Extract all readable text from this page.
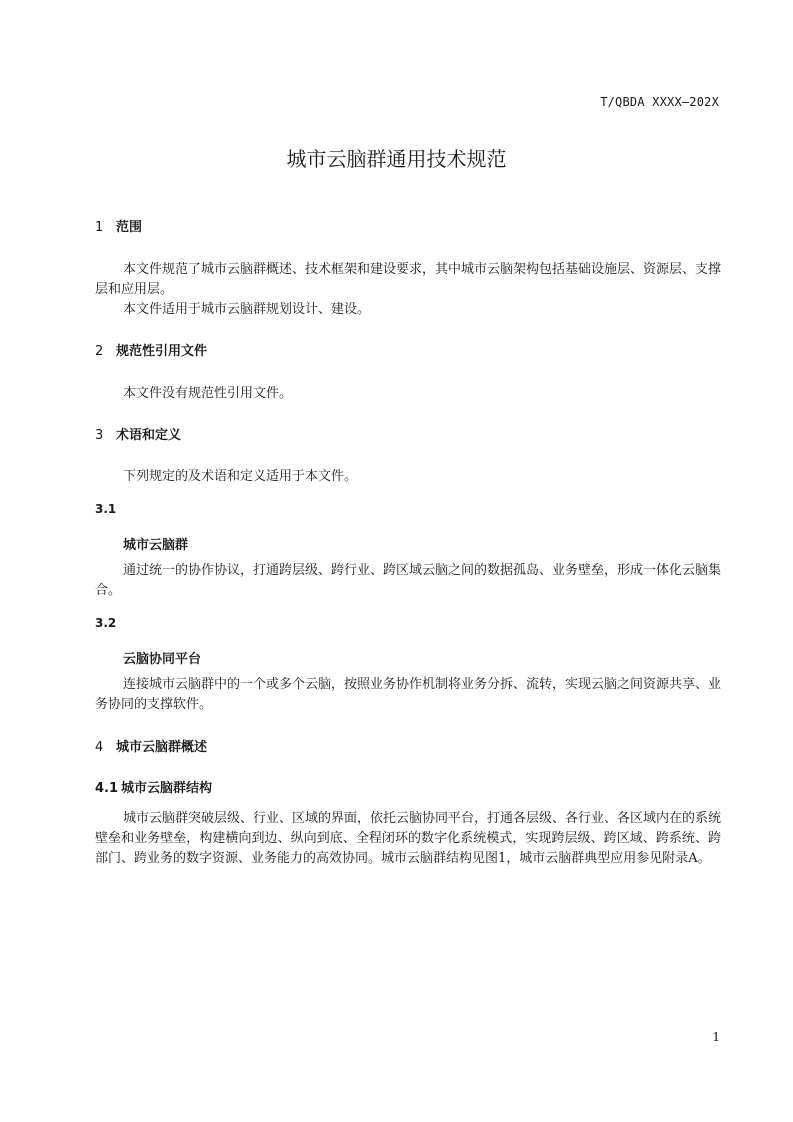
T/QBDA XXXX—202X
城市云脑群通用技术规范
1 范围

本文件规范了城市云脑群概述、技术框架和建设要求，其中城市云脑架构包括基础设施层、资源层、支撑层和应用层。

本文件适用于城市云脑群规划设计、建设。

2 规范性引用文件

本文件没有规范性引用文件。

3 术语和定义

下列规定的及术语和定义适用于本文件。

3.1
城市云脑群

通过统一的协作协议，打通跨层级、跨行业、跨区域云脑之间的数据孤岛、业务壁垒，形成一体化云脑集合。

3.2
云脑协同平台

连接城市云脑群中的一个或多个云脑，按照业务协作机制将业务分拆、流转，实现云脑之间资源共享、业务协同的支撑软件。

4 城市云脑群概述
4.1 城市云脑群结构

城市云脑群突破层级、行业、区域的界面，依托云脑协同平台，打通各层级、各行业、各区域内在的系统壁垒和业务壁垒，构建横向到边、纵向到底、全程闭环的数字化系统模式，实现跨层级、跨区域、跨系统、跨部门、跨业务的数字资源、业务能力的高效协同。城市云脑群结构见图1，城市云脑群典型应用参见附录A。

1
